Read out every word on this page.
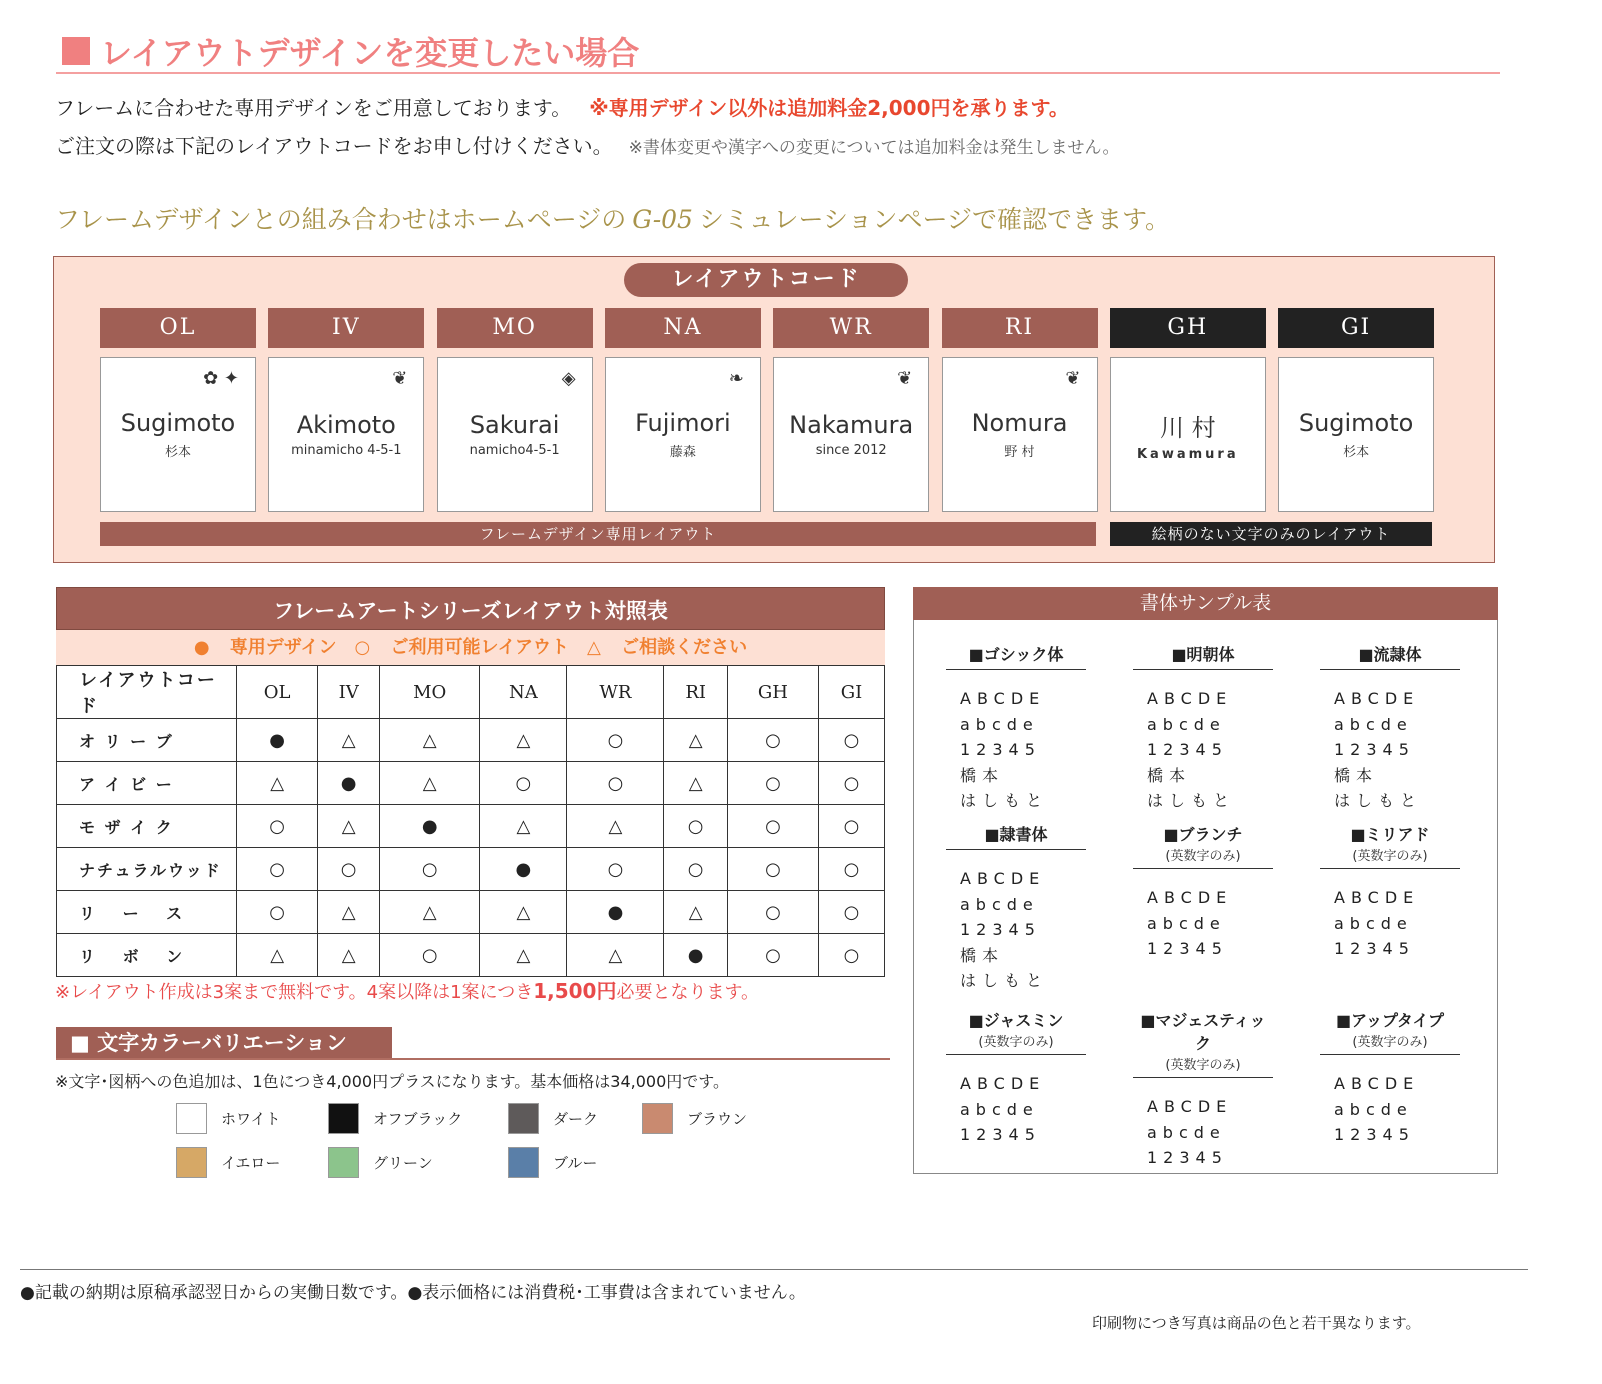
レイアウトデザインを変更したい場合
フレームに合わせた専用デザインをご用意しております。 ※専用デザイン以外は追加料金2,000円を承ります。
ご注文の際は下記のレイアウトコードをお申し付けください。 ※書体変更や漢字への変更については追加料金は発生しません。
フレームデザインとの組み合わせはホームページの G-05 シミュレーションページで確認できます。
レイアウトコード
OL
✿ ✦
Sugimoto
杉本
IV
❦
Akimoto
minamicho 4-5-1
MO
◈
Sakurai
namicho4-5-1
NA
❧
Fujimori
藤森
WR
❦
Nakamura
since 2012
RI
❦
Nomura
野 村
GH
川 村
Kawamura
GI
Sugimoto
杉本
フレームデザイン専用レイアウト	絵柄のない文字のみのレイアウト
フレームアートシリーズレイアウト対照表
● 専用デザイン　○ ご利用可能レイアウト　△ ご相談ください
レイアウトコード	OL	IV	MO	NA	WR	RI	GH	GI
オ リ ー ブ	●	△	△	△	○	△	○	○
ア イ ビ ー	△	●	△	○	○	△	○	○
モ ザ イ ク	○	△	●	△	△	○	○	○
ナチュラルウッド	○	○	○	●	○	○	○	○
リ　 ー 　ス	○	△	△	△	●	△	○	○
リ 　ボ 　ン	△	△	○	△	△	●	○	○
※レイアウト作成は3案まで無料です。4案以降は1案につき1,500円必要となります。
■ 文字カラーバリエーション
※文字･図柄への色追加は、1色につき4,000円プラスになります。基本価格は34,000円です。
ホワイト	オフブラック	ダーク	ブラウン
イエロー	グリーン	ブルー
書体サンプル表
■ゴシック体
ABCDE
abcde
12345
橋本
はしもと
■明朝体
ABCDE
abcde
12345
橋本
はしもと
■流隷体
ABCDE
abcde
12345
橋本
はしもと
■隷書体
ABCDE
abcde
12345
橋本
はしもと
■ブランチ
(英数字のみ)
ABCDE
abcde
12345
■ミリアド
(英数字のみ)
ABCDE
abcde
12345
■ジャスミン
(英数字のみ)
ABCDE
abcde
12345
■マジェスティック
(英数字のみ)
ABCDE
abcde
12345
■アップタイプ
(英数字のみ)
ABCDE
abcde
12345
●記載の納期は原稿承認翌日からの実働日数です。●表示価格には消費税･工事費は含まれていません。
印刷物につき写真は商品の色と若干異なります。
